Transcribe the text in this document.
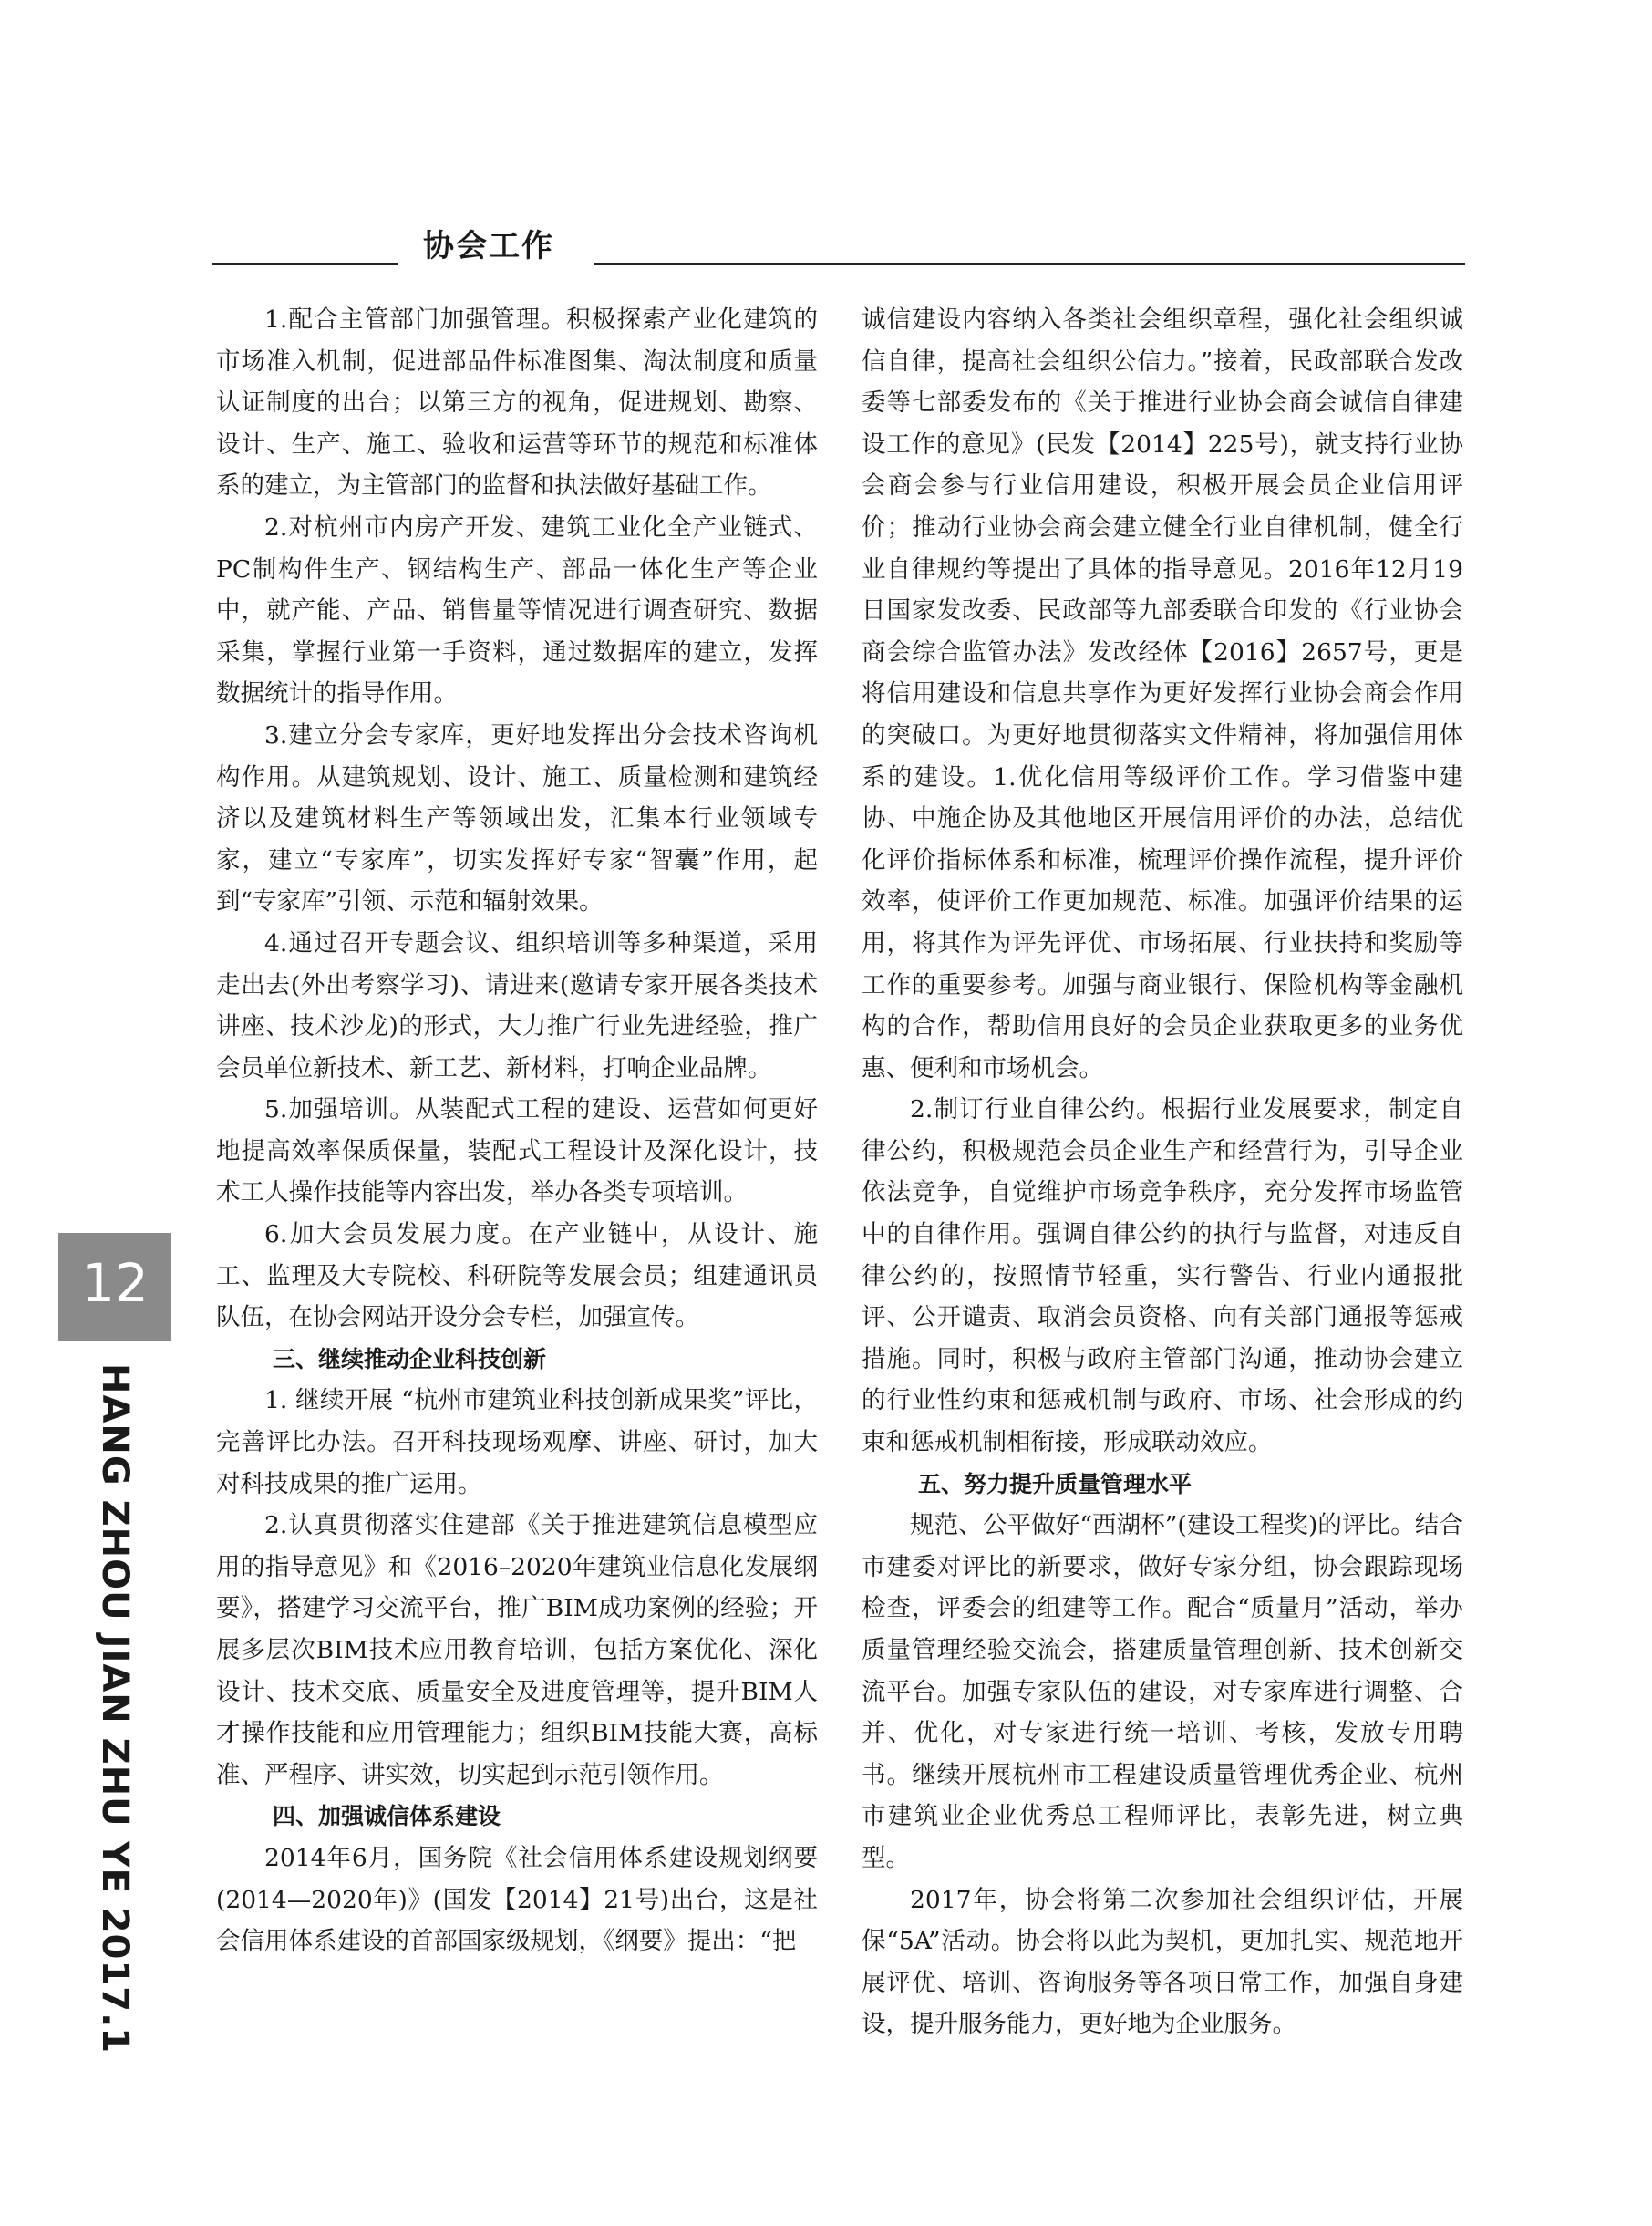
协会工作
12
HANG ZHOU JIAN ZHU YE 2017.1

1.配合主管部门加强管理。积极探索产业化建筑的市场准入机制，促进部品件标准图集、淘汰制度和质量认证制度的出台；以第三方的视角，促进规划、勘察、设计、生产、施工、验收和运营等环节的规范和标准体系的建立，为主管部门的监督和执法做好基础工作。

2.对杭州市内房产开发、建筑工业化全产业链式、PC制构件生产、钢结构生产、部品一体化生产等企业中，就产能、产品、销售量等情况进行调查研究、数据采集，掌握行业第一手资料，通过数据库的建立，发挥数据统计的指导作用。

3.建立分会专家库，更好地发挥出分会技术咨询机构作用。从建筑规划、设计、施工、质量检测和建筑经济以及建筑材料生产等领域出发，汇集本行业领域专家，建立“专家库”，切实发挥好专家“智囊”作用，起到“专家库”引领、示范和辐射效果。

4.通过召开专题会议、组织培训等多种渠道，采用走出去(外出考察学习)、请进来(邀请专家开展各类技术讲座、技术沙龙)的形式，大力推广行业先进经验，推广会员单位新技术、新工艺、新材料，打响企业品牌。

5.加强培训。从装配式工程的建设、运营如何更好地提高效率保质保量，装配式工程设计及深化设计，技术工人操作技能等内容出发，举办各类专项培训。

6.加大会员发展力度。在产业链中，从设计、施工、监理及大专院校、科研院等发展会员；组建通讯员队伍，在协会网站开设分会专栏，加强宣传。

三、继续推动企业科技创新

1. 继续开展 “杭州市建筑业科技创新成果奖”评比，完善评比办法。召开科技现场观摩、讲座、研讨，加大对科技成果的推广运用。

2.认真贯彻落实住建部《关于推进建筑信息模型应用的指导意见》和《2016–2020年建筑业信息化发展纲要》，搭建学习交流平台，推广BIM成功案例的经验；开展多层次BIM技术应用教育培训，包括方案优化、深化设计、技术交底、质量安全及进度管理等，提升BIM人才操作技能和应用管理能力；组织BIM技能大赛，高标准、严程序、讲实效，切实起到示范引领作用。

四、加强诚信体系建设

2014年6月，国务院《社会信用体系建设规划纲要(2014—2020年)》(国发【2014】21号)出台，这是社会信用体系建设的首部国家级规划，《纲要》提出：“把

诚信建设内容纳入各类社会组织章程，强化社会组织诚信自律，提高社会组织公信力。”接着，民政部联合发改委等七部委发布的《关于推进行业协会商会诚信自律建设工作的意见》(民发【2014】225号)，就支持行业协会商会参与行业信用建设，积极开展会员企业信用评价；推动行业协会商会建立健全行业自律机制，健全行业自律规约等提出了具体的指导意见。2016年12月19日国家发改委、民政部等九部委联合印发的《行业协会商会综合监管办法》发改经体【2016】2657号，更是将信用建设和信息共享作为更好发挥行业协会商会作用的突破口。为更好地贯彻落实文件精神，将加强信用体系的建设。1.优化信用等级评价工作。学习借鉴中建协、中施企协及其他地区开展信用评价的办法，总结优化评价指标体系和标准，梳理评价操作流程，提升评价效率，使评价工作更加规范、标准。加强评价结果的运用，将其作为评先评优、市场拓展、行业扶持和奖励等工作的重要参考。加强与商业银行、保险机构等金融机构的合作，帮助信用良好的会员企业获取更多的业务优惠、便利和市场机会。

2.制订行业自律公约。根据行业发展要求，制定自律公约，积极规范会员企业生产和经营行为，引导企业依法竞争，自觉维护市场竞争秩序，充分发挥市场监管中的自律作用。强调自律公约的执行与监督，对违反自律公约的，按照情节轻重，实行警告、行业内通报批评、公开谴责、取消会员资格、向有关部门通报等惩戒措施。同时，积极与政府主管部门沟通，推动协会建立的行业性约束和惩戒机制与政府、市场、社会形成的约束和惩戒机制相衔接，形成联动效应。

五、努力提升质量管理水平

规范、公平做好“西湖杯”(建设工程奖)的评比。结合市建委对评比的新要求，做好专家分组，协会跟踪现场检查，评委会的组建等工作。配合“质量月”活动，举办质量管理经验交流会，搭建质量管理创新、技术创新交流平台。加强专家队伍的建设，对专家库进行调整、合并、优化，对专家进行统一培训、考核，发放专用聘书。继续开展杭州市工程建设质量管理优秀企业、杭州市建筑业企业优秀总工程师评比，表彰先进，树立典型。

2017年，协会将第二次参加社会组织评估，开展保“5A”活动。协会将以此为契机，更加扎实、规范地开展评优、培训、咨询服务等各项日常工作，加强自身建设，提升服务能力，更好地为企业服务。
